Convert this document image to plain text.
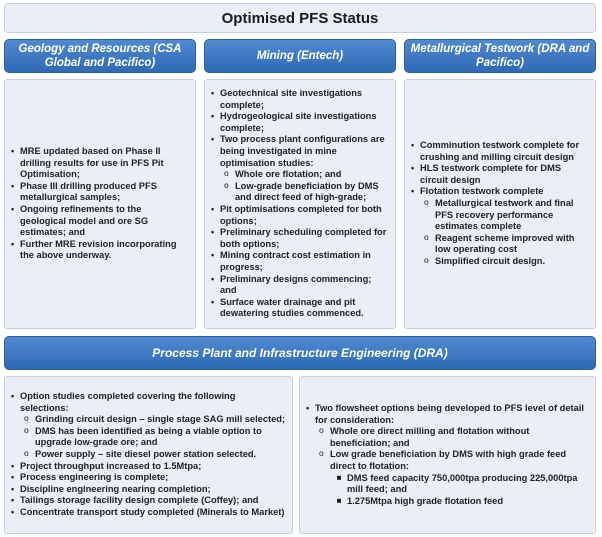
Optimised PFS Status
Geology and Resources (CSA Global and Pacifico)
Mining (Entech)
Metallurgical Testwork (DRA and Pacifico)
• MRE updated based on Phase II drilling results for use in PFS Pit Optimisation;
• Phase III drilling produced PFS metallurgical samples;
• Ongoing refinements to the geological model and ore SG estimates; and
• Further MRE revision incorporating the above underway.
• Geotechnical site investigations complete;
• Hydrogeological site investigations complete;
• Two process plant configurations are being investigated in mine optimisation studies:
o Whole ore flotation; and
o Low-grade beneficiation by DMS and direct feed of high-grade;
• Pit optimisations completed for both options;
• Preliminary scheduling completed for both options;
• Mining contract cost estimation in progress;
• Preliminary designs commencing; and
• Surface water drainage and pit dewatering studies commenced.
• Comminution testwork complete for crushing and milling circuit design
• HLS testwork complete for DMS circuit design
• Flotation testwork complete
o Metallurgical testwork and final PFS recovery performance estimates complete
o Reagent scheme improved with low operating cost
o Simplified circuit design.
Process Plant and Infrastructure Engineering (DRA)
• Option studies completed covering the following selections:
o Grinding circuit design – single stage SAG mill selected;
o DMS has been identified as being a viable option to upgrade low-grade ore; and
o Power supply – site diesel power station selected.
• Project throughput increased to 1.5Mtpa;
• Process engineering is complete;
• Discipline engineering nearing completion;
• Tailings storage facility design complete (Coffey); and
• Concentrate transport study completed (Minerals to Market)
• Two flowsheet options being developed to PFS level of detail for consideration:
o Whole ore direct milling and flotation without beneficiation; and
o Low grade beneficiation by DMS with high grade feed direct to flotation:
DMS feed capacity 750,000tpa producing 225,000tpa mill feed; and
1.275Mtpa high grade flotation feed
